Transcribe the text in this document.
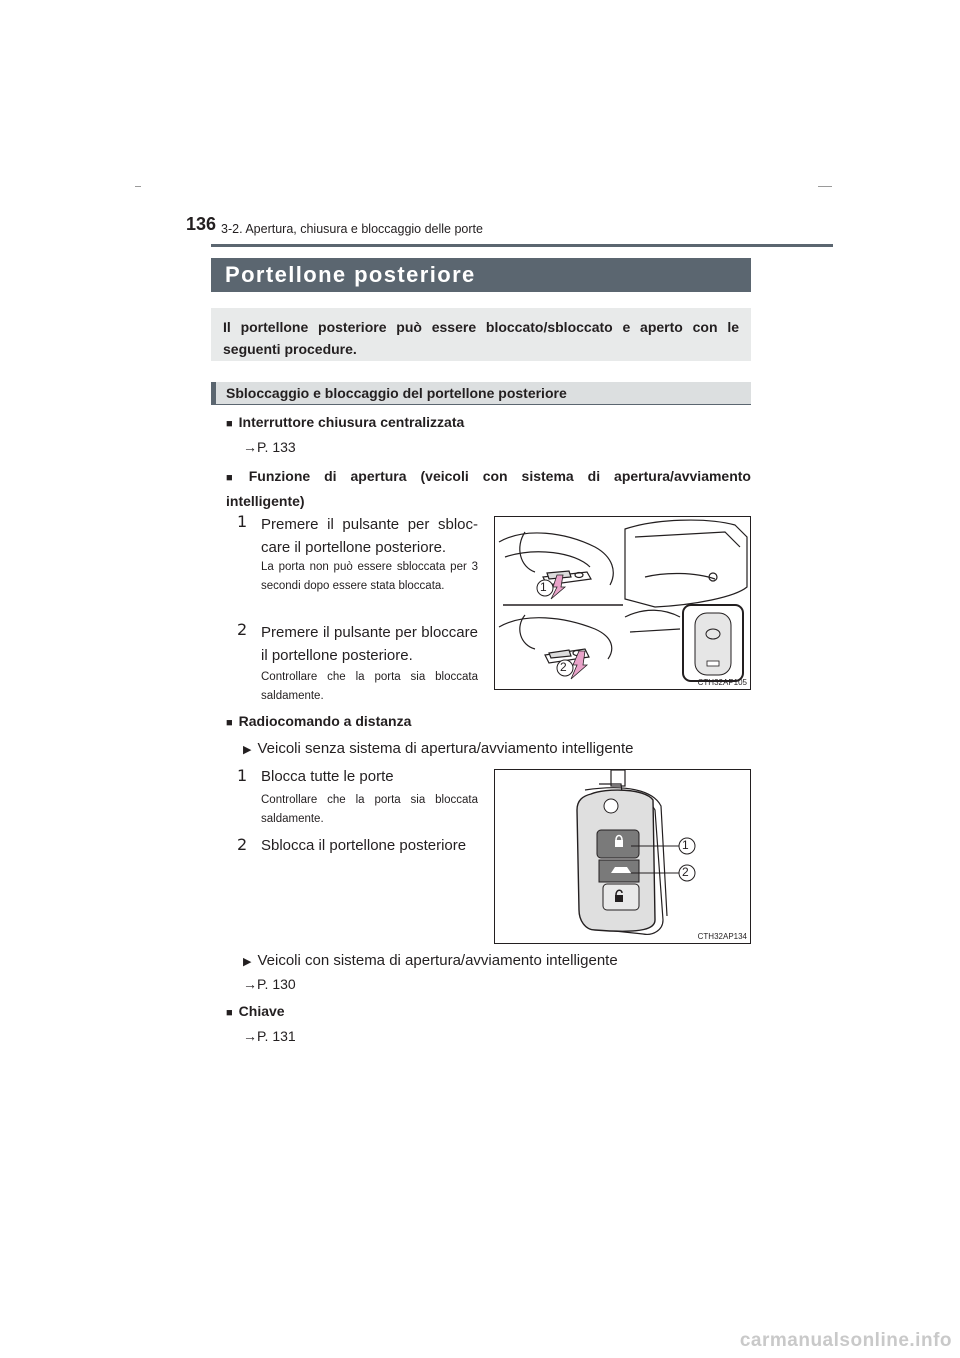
136 3-2. Apertura, chiusura e bloccaggio delle porte
Portellone posteriore
Il portellone posteriore può essere bloccato/sbloccato e aperto con le seguenti procedure.
Sbloccaggio e bloccaggio del portellone posteriore
■ Interruttore chiusura centralizzata
→P. 133
■ Funzione di apertura (veicoli con sistema di apertura/avviamento intelligente)
1 Premere il pulsante per sbloc-care il portellone posteriore.
La porta non può essere sbloccata per 3 secondi dopo essere stata bloccata.
2 Premere il pulsante per bloccare il portellone posteriore.
Controllare che la porta sia bloccata saldamente.
1
2
CTH32AP105
■ Radiocomando a distanza
▶ Veicoli senza sistema di apertura/avviamento intelligente
1 Blocca tutte le porte
Controllare che la porta sia bloccata saldamente.
2 Sblocca il portellone posteriore	1
2
CTH32AP134
▶ Veicoli con sistema di apertura/avviamento intelligente
→P. 130
■ Chiave
→P. 131
carmanualsonline.info
